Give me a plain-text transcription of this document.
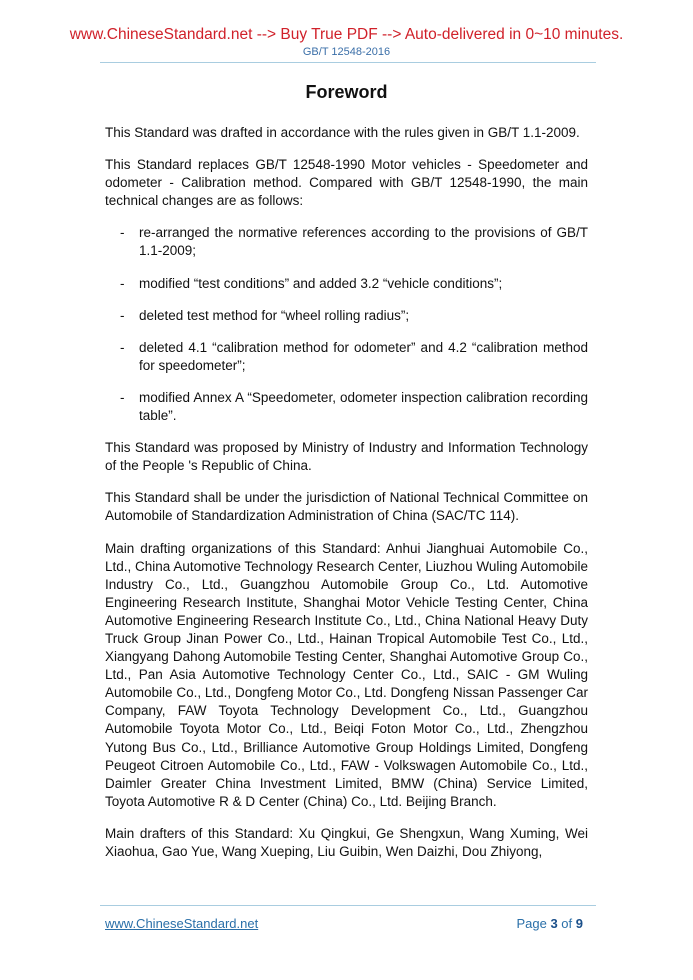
www.ChineseStandard.net --> Buy True PDF --> Auto-delivered in 0~10 minutes.
GB/T 12548-2016
Foreword

This Standard was drafted in accordance with the rules given in GB/T 1.1-2009.

This Standard replaces GB/T 12548-1990 Motor vehicles - Speedometer and odometer - Calibration method. Compared with GB/T 12548-1990, the main technical changes are as follows:

- re-arranged the normative references according to the provisions of GB/T 1.1-2009;

- modified “test conditions” and added 3.2 “vehicle conditions”;

- deleted test method for “wheel rolling radius”;

- deleted 4.1 “calibration method for odometer” and 4.2 “calibration method for speedometer”;

- modified Annex A “Speedometer, odometer inspection calibration recording table”.

This Standard was proposed by Ministry of Industry and Information Technology of the People 's Republic of China.

This Standard shall be under the jurisdiction of National Technical Committee on Automobile of Standardization Administration of China (SAC/TC 114).

Main drafting organizations of this Standard: Anhui Jianghuai Automobile Co., Ltd., China Automotive Technology Research Center, Liuzhou Wuling Automobile Industry Co., Ltd., Guangzhou Automobile Group Co., Ltd. Automotive Engineering Research Institute, Shanghai Motor Vehicle Testing Center, China Automotive Engineering Research Institute Co., Ltd., China National Heavy Duty Truck Group Jinan Power Co., Ltd., Hainan Tropical Automobile Test Co., Ltd., Xiangyang Dahong Automobile Testing Center, Shanghai Automotive Group Co., Ltd., Pan Asia Automotive Technology Center Co., Ltd., SAIC - GM Wuling Automobile Co., Ltd., Dongfeng Motor Co., Ltd. Dongfeng Nissan Passenger Car Company, FAW Toyota Technology Development Co., Ltd., Guangzhou Automobile Toyota Motor Co., Ltd., Beiqi Foton Motor Co., Ltd., Zhengzhou Yutong Bus Co., Ltd., Brilliance Automotive Group Holdings Limited, Dongfeng Peugeot Citroen Automobile Co., Ltd., FAW - Volkswagen Automobile Co., Ltd., Daimler Greater China Investment Limited, BMW (China) Service Limited, Toyota Automotive R & D Center (China) Co., Ltd. Beijing Branch.

Main drafters of this Standard: Xu Qingkui, Ge Shengxun, Wang Xuming, Wei Xiaohua, Gao Yue, Wang Xueping, Liu Guibin, Wen Daizhi, Dou Zhiyong,

www.ChineseStandard.net	Page 3 of 9
